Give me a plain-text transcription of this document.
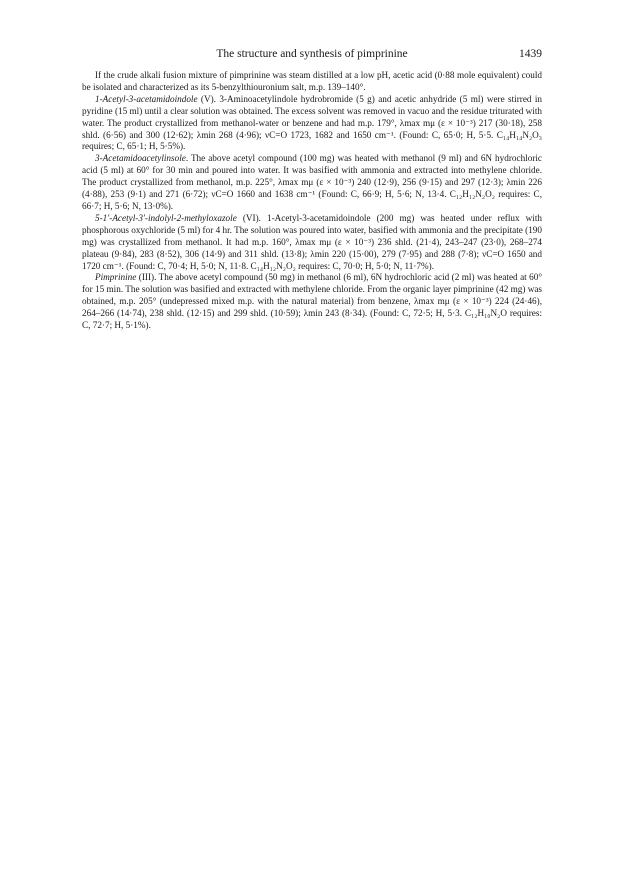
The structure and synthesis of pimprinine	1439

If the crude alkali fusion mixture of pimprinine was steam distilled at a low pH, acetic acid (0·88 mole equivalent) could be isolated and characterized as its 5-benzylthiouronium salt, m.p. 139–140°.

1-Acetyl-3-acetamidoindole (V). 3-Aminoacetylindole hydrobromide (5 g) and acetic anhydride (5 ml) were stirred in pyridine (15 ml) until a clear solution was obtained. The excess solvent was removed in vacuo and the residue triturated with water. The product crystallized from methanol-water or benzene and had m.p. 179°, λmax mμ (ε × 10⁻³) 217 (30·18), 258 shld. (6·56) and 300 (12·62); λmin 268 (4·96); νC=O 1723, 1682 and 1650 cm⁻¹. (Found: C, 65·0; H, 5·5. C₁₄H₁₄N₂O₃ requires; C, 65·1; H, 5·5%).

3-Acetamidoacetylinsole. The above acetyl compound (100 mg) was heated with methanol (9 ml) and 6N hydrochloric acid (5 ml) at 60° for 30 min and poured into water. It was basified with ammonia and extracted into methylene chloride. The product crystallized from methanol, m.p. 225°, λmax mμ (ε × 10⁻³) 240 (12·9), 256 (9·15) and 297 (12·3); λmin 226 (4·88), 253 (9·1) and 271 (6·72); νC=O 1660 and 1638 cm⁻¹ (Found: C, 66·9; H, 5·6; N, 13·4. C₁₂H₁₂N₂O₂ requires: C, 66·7; H, 5·6; N, 13·0%).

5-1′-Acetyl-3′-indolyl-2-methyloxazole (VI). 1-Acetyl-3-acetamidoindole (200 mg) was heated under reflux with phosphorous oxychloride (5 ml) for 4 hr. The solution was poured into water, basified with ammonia and the precipitate (190 mg) was crystallized from methanol. It had m.p. 160°, λmax mμ (ε × 10⁻³) 236 shld. (21·4), 243–247 (23·0), 268–274 plateau (9·84), 283 (8·52), 306 (14·9) and 311 shld. (13·8); λmin 220 (15·00), 279 (7·95) and 288 (7·8); νC=O 1650 and 1720 cm⁻¹. (Found: C, 70·4; H, 5·0; N, 11·8. C₁₄H₁₂N₂O₂ requires: C, 70·0; H, 5·0; N, 11·7%).

Pimprinine (III). The above acetyl compound (50 mg) in methanol (6 ml), 6N hydrochloric acid (2 ml) was heated at 60° for 15 min. The solution was basified and extracted with methylene chloride. From the organic layer pimprinine (42 mg) was obtained, m.p. 205° (undepressed mixed m.p. with the natural material) from benzene, λmax mμ (ε × 10⁻³) 224 (24·46), 264–266 (14·74), 238 shld. (12·15) and 299 shld. (10·59); λmin 243 (8·34). (Found: C, 72·5; H, 5·3. C₁₂H₁₀N₂O requires: C, 72·7; H, 5·1%).
